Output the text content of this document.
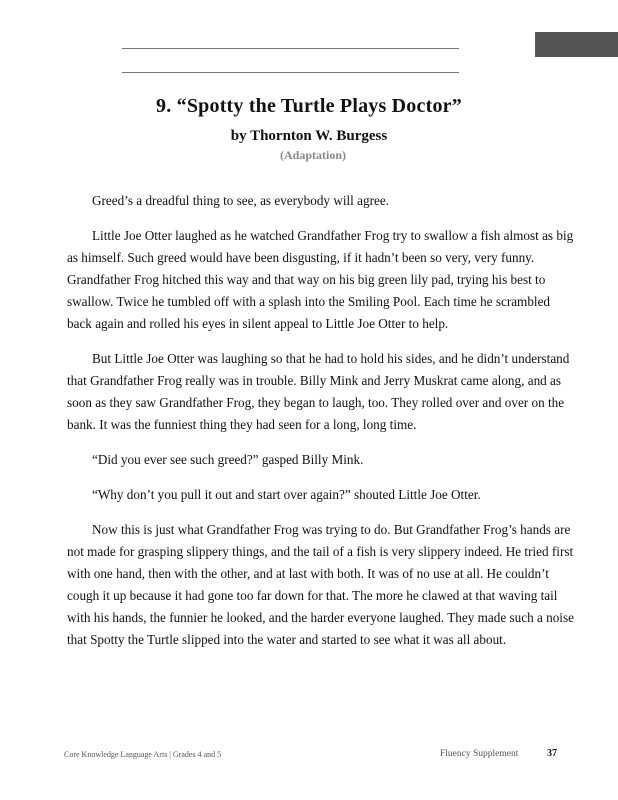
9. “Spotty the Turtle Plays Doctor”
by Thornton W. Burgess
(Adaptation)

Greed’s a dreadful thing to see, as everybody will agree.

Little Joe Otter laughed as he watched Grandfather Frog try to swallow a fish almost as big as himself. Such greed would have been disgusting, if it hadn’t been so very, very funny. Grandfather Frog hitched this way and that way on his big green lily pad, trying his best to swallow. Twice he tumbled off with a splash into the Smiling Pool. Each time he scrambled back again and rolled his eyes in silent appeal to Little Joe Otter to help.

But Little Joe Otter was laughing so that he had to hold his sides, and he didn’t understand that Grandfather Frog really was in trouble. Billy Mink and Jerry Muskrat came along, and as soon as they saw Grandfather Frog, they began to laugh, too. They rolled over and over on the bank. It was the funniest thing they had seen for a long, long time.

“Did you ever see such greed?” gasped Billy Mink.

“Why don’t you pull it out and start over again?” shouted Little Joe Otter.

Now this is just what Grandfather Frog was trying to do. But Grandfather Frog’s hands are not made for grasping slippery things, and the tail of a fish is very slippery indeed. He tried first with one hand, then with the other, and at last with both. It was of no use at all. He couldn’t cough it up because it had gone too far down for that. The more he clawed at that waving tail with his hands, the funnier he looked, and the harder everyone laughed. They made such a noise that Spotty the Turtle slipped into the water and started to see what it was all about.

Core Knowledge Language Arts | Grades 4 and 5	Fluency Supplement	37
